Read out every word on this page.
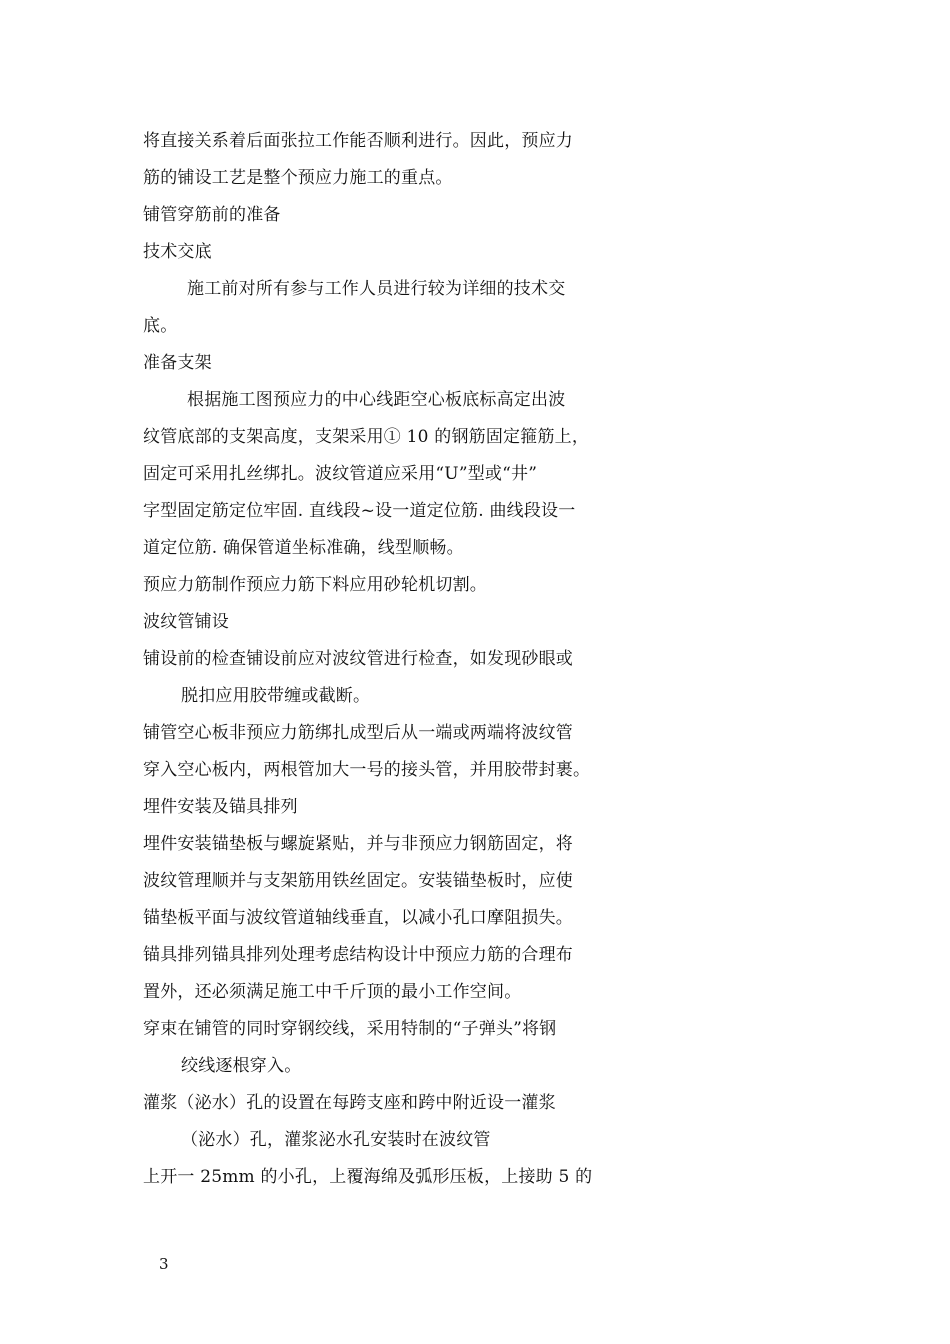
将直接关系着后面张拉工作能否顺利进行。因此，预应力
筋的铺设工艺是整个预应力施工的重点。
铺管穿筋前的准备
技术交底
施工前对所有参与工作人员进行较为详细的技术交
底。
准备支架
根据施工图预应力的中心线距空心板底标高定出波
纹管底部的支架高度，支架采用① 10 的钢筋固定箍筋上，
固定可采用扎丝绑扎。波纹管道应采用“U”型或“井”
字型固定筋定位牢固. 直线段~设一道定位筋. 曲线段设一
道定位筋. 确保管道坐标准确，线型顺畅。
预应力筋制作预应力筋下料应用砂轮机切割。
波纹管铺设
铺设前的检查铺设前应对波纹管进行检查，如发现砂眼或
脱扣应用胶带缠或截断。
铺管空心板非预应力筋绑扎成型后从一端或两端将波纹管
穿入空心板内，两根管加大一号的接头管，并用胶带封裹。
埋件安装及锚具排列
埋件安装锚垫板与螺旋紧贴，并与非预应力钢筋固定，将
波纹管理顺并与支架筋用铁丝固定。安装锚垫板时，应使
锚垫板平面与波纹管道轴线垂直，以减小孔口摩阻损失。
锚具排列锚具排列处理考虑结构设计中预应力筋的合理布
置外，还必须满足施工中千斤顶的最小工作空间。
穿束在铺管的同时穿钢绞线，采用特制的“子弹头”将钢
绞线逐根穿入。
灌浆（泌水）孔的设置在每跨支座和跨中附近设一灌浆
（泌水）孔，灌浆泌水孔安装时在波纹管
上开一 25mm 的小孔，上覆海绵及弧形压板，上接助 5 的
3
